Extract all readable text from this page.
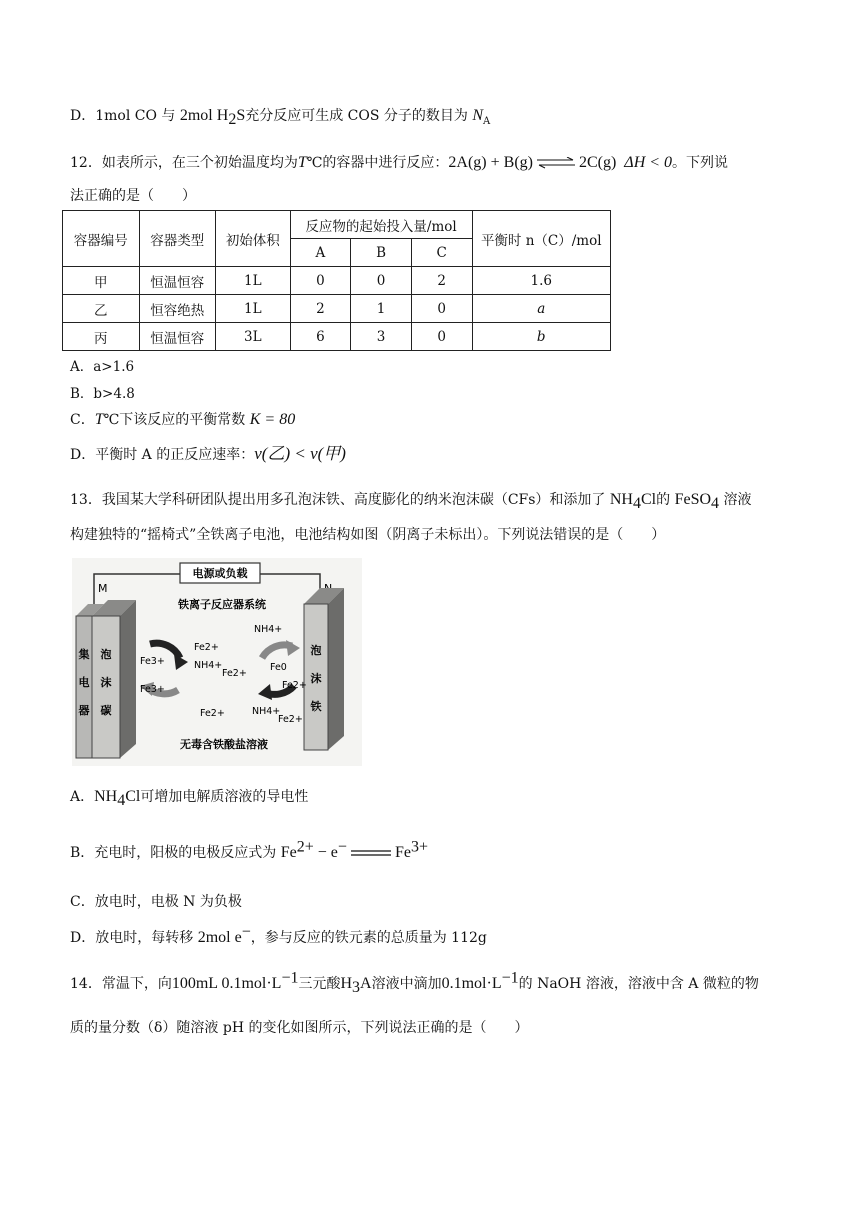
D．1mol CO 与 2mol $H_2S$充分反应可生成 COS 分子的数目为 $N_A$
12．如表所示，在三个初始温度均为T℃的容器中进行反应：2A(g) + B(g) ⇌ 2C(g) ΔH < 0。下列说
法正确的是（　　）
容器编号	容器类型	初始体积	反应物的起始投入量/mol			平衡时 n（C）/mol
			A	B	C	
甲	恒温恒容	1L	0	0	2	1.6
乙	恒容绝热	1L	2	1	0	a
丙	恒温恒容	3L	6	3	0	b
A．a>1.6
B．b>4.8
C．T℃下该反应的平衡常数 K = 80
D．平衡时 A 的正反应速率：v(乙) < v(甲)
13．我国某大学科研团队提出用多孔泡沫铁、高度膨化的纳米泡沫碳（CFs）和添加了 $NH_4Cl$的 FeSO$_4$ 溶液
构建独特的“摇椅式”全铁离子电池，电池结构如图（阴离子未标出）。下列说法错误的是（　　）
电源或负载
M
集
电
器
泡
沫
碳
泡
沫
铁
铁离子反应器系统
Fe3+
Fe3+
Fe0
Fe2+
NH4+
Fe2+
NH4+
Fe2+
Fe2+	NH4+
Fe2+
无毒含铁酸盐溶液
A．$NH_4Cl$可增加电解质溶液的导电性
B．充电时，阳极的电极反应式为 $Fe^{2+} - e^-$	$Fe^{3+}$
C．放电时，电极 N 为负极
D．放电时，每转移 2mol e−，参与反应的铁元素的总质量为 112g
14．常温下，向100mL $0.1mol\cdot L^{-1}$三元酸$H_3A$溶液中滴加$0.1mol\cdot L^{-1}$的 NaOH 溶液，溶液中含 A 微粒的物
质的量分数（δ）随溶液 pH 的变化如图所示，下列说法正确的是（　　）
